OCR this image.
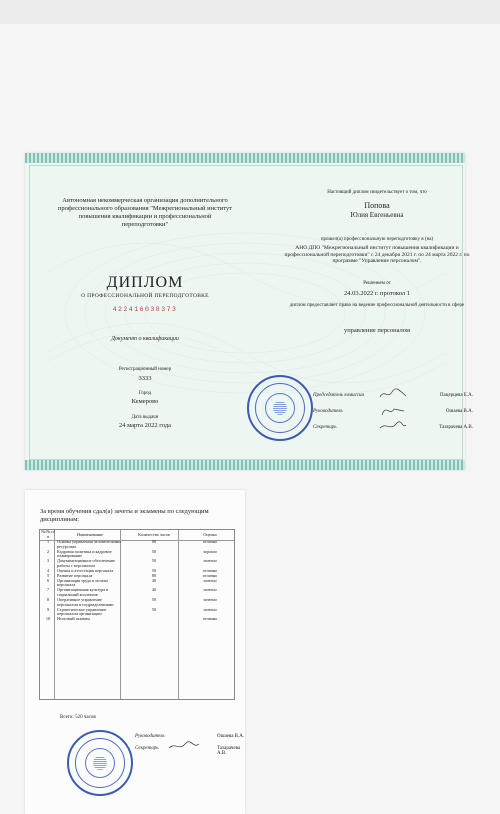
Автономная некоммерческая организация дополнительного профессионального образования "Межрегиональный институт повышения квалификации и профессиональной переподготовки"
ДИПЛОМ
О ПРОФЕССИОНАЛЬНОЙ ПЕРЕПОДГОТОВКЕ
422416038373
Документ о квалификации
Регистрационный номер
3333
Город
Кемерово
Дата выдачи
24 марта 2022 года
Настоящий диплом свидетельствует о том, что
Попова
Юлия Евгеньевна
прошел(а) профессиональную переподготовку в (на)
АНО ДПО "Межрегиональный институт повышения квалификации и профессиональной переподготовки" с 24 декабря 2021 г. по 24 марта 2022 г. по программе "Управление персоналом".
Решением от
24.03.2022 г. протокол 1
диплом предоставляет право на ведение профессиональной деятельности в сфере
управление персоналом
Председатель комиссии	Пацерцева Е.А.
Руководитель	Ошаева В.А.
Секретарь	Тазарачева А.В.
За время обучения сдал(а) зачеты и экзамены по следующим дисциплинам:
№/№ п/п	Наименование	Количество часов	Оценка
1	Основы управления человеческими ресурсами	80	отлично
2	Кадровая политика и кадровое планирование	50	хорошо
3	Документационное обеспечение работы с персоналом	50	зачтено
4	Оценка и аттестация персонала	50	отлично
5	Развитие персонала	80	отлично
6	Организация труда и оплаты персонала	40	зачтено
7	Организационная культура и социальный коллектив	40	зачтено
8	Оперативное управление персоналом и подразделениями	50	зачтено
9	Стратегическое управление персоналом организации	50	зачтено
10	Итоговый экзамен		отлично
Всего: 520 часов
Руководитель	Ошаева В.А.
Секретарь	Тазарачева А.В.
